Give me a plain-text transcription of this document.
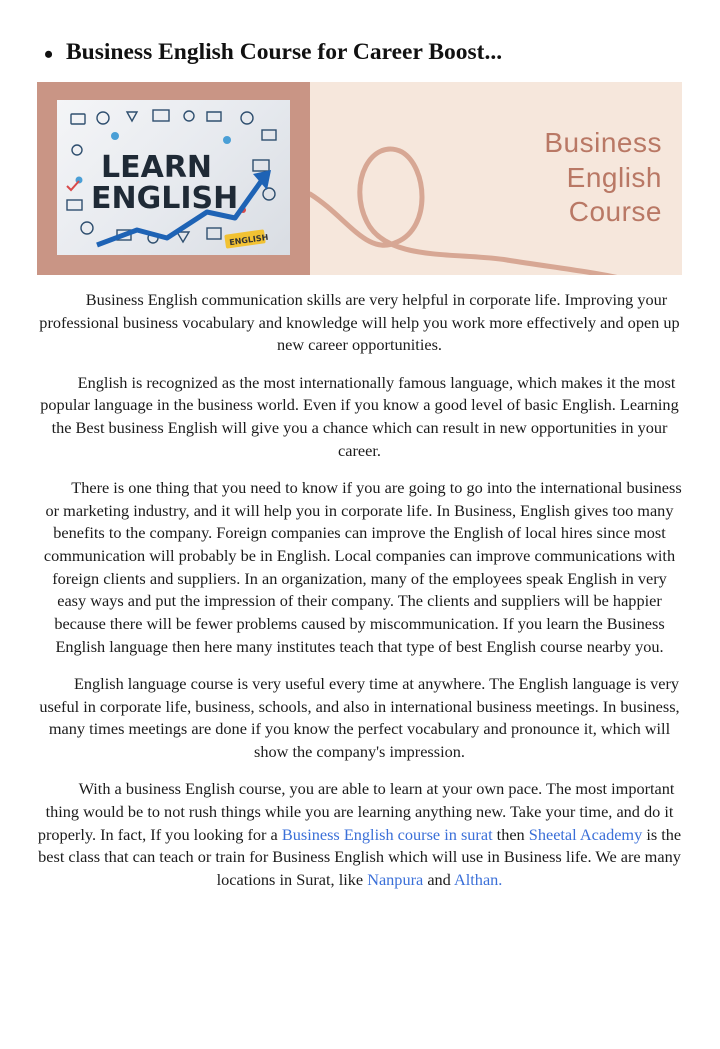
• Business English Course for Career Boost...
LEARN
ENGLISH
ENGLISH
Business
English
Course

Business English communication skills are very helpful in corporate life. Improving your professional business vocabulary and knowledge will help you work more effectively and open up new career opportunities.

English is recognized as the most internationally famous language, which makes it the most popular language in the business world. Even if you know a good level of basic English. Learning the Best business English will give you a chance which can result in new opportunities in your career.

There is one thing that you need to know if you are going to go into the international business or marketing industry, and it will help you in corporate life. In Business, English gives too many benefits to the company. Foreign companies can improve the English of local hires since most communication will probably be in English. Local companies can improve communications with foreign clients and suppliers. In an organization, many of the employees speak English in very easy ways and put the impression of their company. The clients and suppliers will be happier because there will be fewer problems caused by miscommunication. If you learn the Business English language then here many institutes teach that type of best English course nearby you.

English language course is very useful every time at anywhere. The English language is very useful in corporate life, business, schools, and also in international business meetings. In business, many times meetings are done if you know the perfect vocabulary and pronounce it, which will show the company's impression.

With a business English course, you are able to learn at your own pace. The most important thing would be to not rush things while you are learning anything new. Take your time, and do it properly. In fact, If you looking for a Business English course in surat then Sheetal Academy is the best class that can teach or train for Business English which will use in Business life. We are many locations in Surat, like Nanpura and Althan.
